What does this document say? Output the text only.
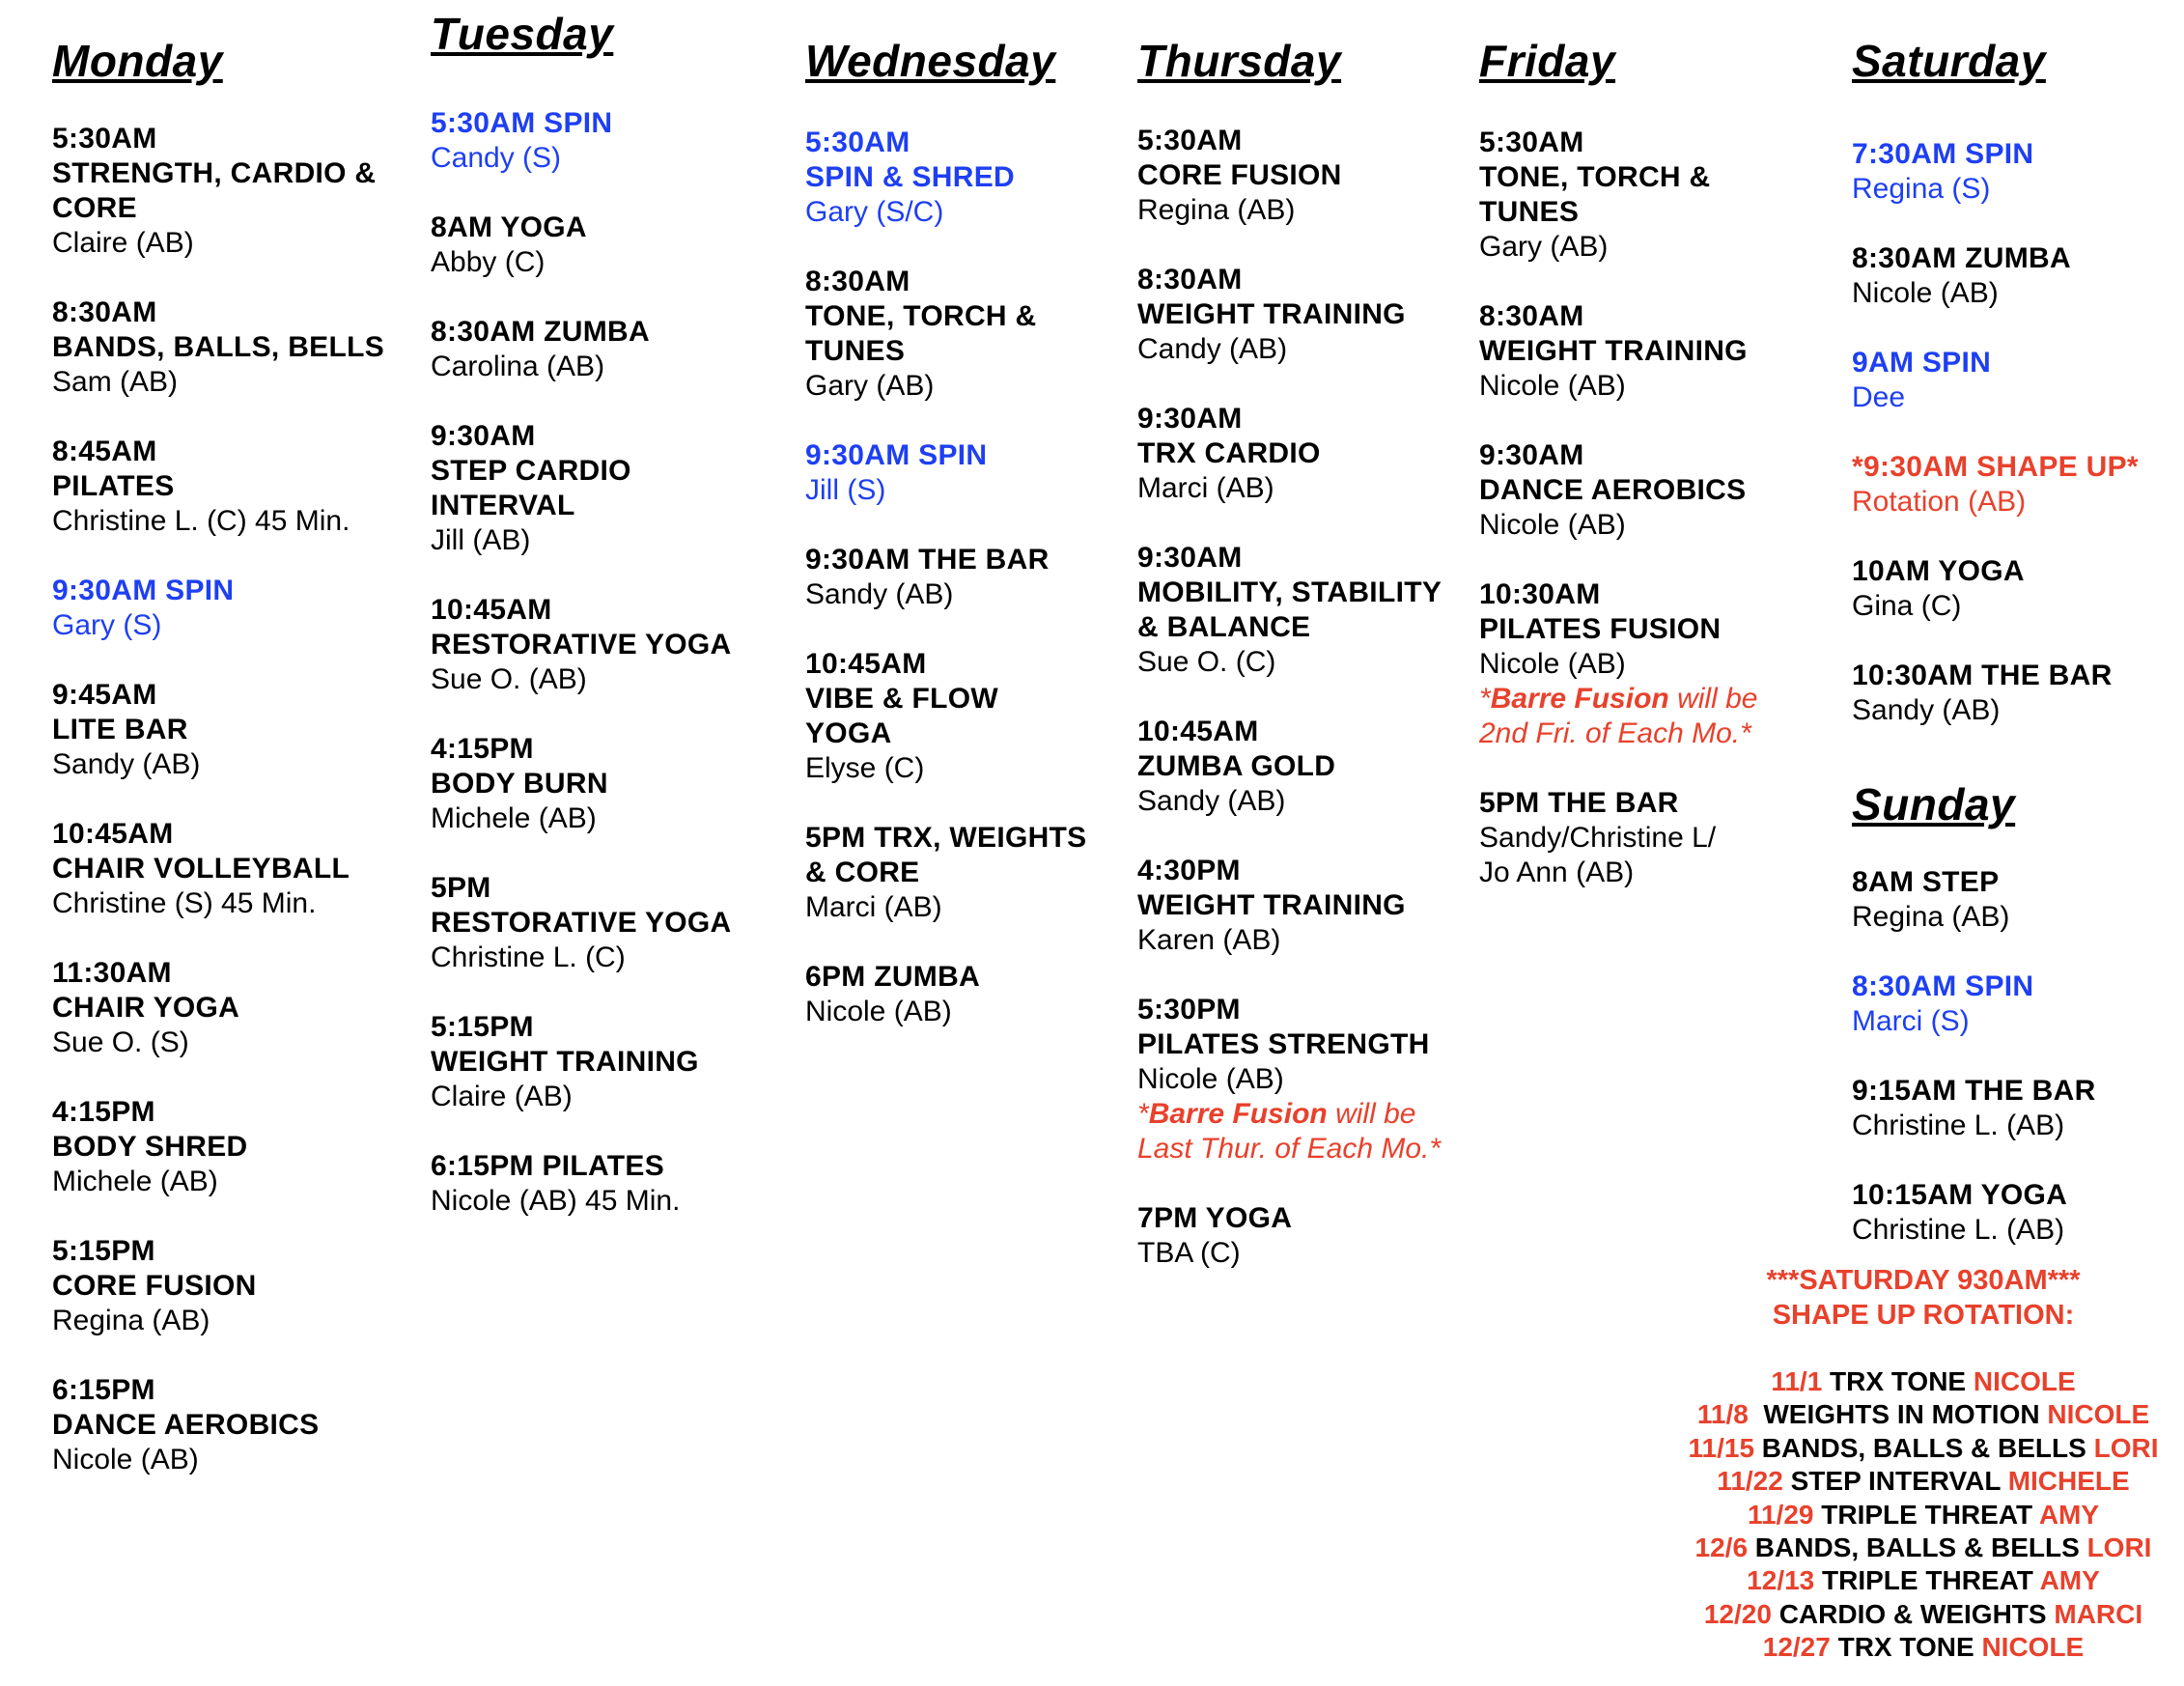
Monday
5:30AM
STRENGTH, CARDIO &
CORE
Claire (AB)
8:30AM
BANDS, BALLS, BELLS
Sam (AB)
8:45AM
PILATES
Christine L. (C) 45 Min.
9:30AM SPIN
Gary (S)
9:45AM
LITE BAR
Sandy (AB)
10:45AM
CHAIR VOLLEYBALL
Christine (S) 45 Min.
11:30AM
CHAIR YOGA
Sue O. (S)
4:15PM
BODY SHRED
Michele (AB)
5:15PM
CORE FUSION
Regina (AB)
6:15PM
DANCE AEROBICS
Nicole (AB)
Tuesday
5:30AM SPIN
Candy (S)
8AM YOGA
Abby (C)
8:30AM ZUMBA
Carolina (AB)
9:30AM
STEP CARDIO
INTERVAL
Jill (AB)
10:45AM
RESTORATIVE YOGA
Sue O. (AB)
4:15PM
BODY BURN
Michele (AB)
5PM
RESTORATIVE YOGA
Christine L. (C)
5:15PM
WEIGHT TRAINING
Claire (AB)
6:15PM PILATES
Nicole (AB) 45 Min.
Wednesday
5:30AM
SPIN & SHRED
Gary (S/C)
8:30AM
TONE, TORCH &
TUNES
Gary (AB)
9:30AM SPIN
Jill (S)
9:30AM THE BAR
Sandy (AB)
10:45AM
VIBE & FLOW
YOGA
Elyse (C)
5PM TRX, WEIGHTS
& CORE
Marci (AB)
6PM ZUMBA
Nicole (AB)
Thursday
5:30AM
CORE FUSION
Regina (AB)
8:30AM
WEIGHT TRAINING
Candy (AB)
9:30AM
TRX CARDIO
Marci (AB)
9:30AM
MOBILITY, STABILITY
& BALANCE
Sue O. (C)
10:45AM
ZUMBA GOLD
Sandy (AB)
4:30PM
WEIGHT TRAINING
Karen (AB)
5:30PM
PILATES STRENGTH
Nicole (AB)
*Barre Fusion will be
Last Thur. of Each Mo.*
7PM YOGA
TBA (C)
Friday
5:30AM
TONE, TORCH &
TUNES
Gary (AB)
8:30AM
WEIGHT TRAINING
Nicole (AB)
9:30AM
DANCE AEROBICS
Nicole (AB)
10:30AM
PILATES FUSION
Nicole (AB)
*Barre Fusion will be
2nd Fri. of Each Mo.*
5PM THE BAR
Sandy/Christine L/
Jo Ann (AB)
Saturday
7:30AM SPIN
Regina (S)
8:30AM ZUMBA
Nicole (AB)
9AM SPIN
Dee
*9:30AM SHAPE UP*
Rotation (AB)
10AM YOGA
Gina (C)
10:30AM THE BAR
Sandy (AB)
Sunday
8AM STEP
Regina (AB)
8:30AM SPIN
Marci (S)
9:15AM THE BAR
Christine L. (AB)
10:15AM YOGA
Christine L. (AB)
***SATURDAY 930AM***
SHAPE UP ROTATION:
11/1 TRX TONE NICOLE
11/8  WEIGHTS IN MOTION NICOLE
11/15 BANDS, BALLS & BELLS LORI
11/22 STEP INTERVAL MICHELE
11/29 TRIPLE THREAT AMY
12/6 BANDS, BALLS & BELLS LORI
12/13 TRIPLE THREAT AMY
12/20 CARDIO & WEIGHTS MARCI
12/27 TRX TONE NICOLE
